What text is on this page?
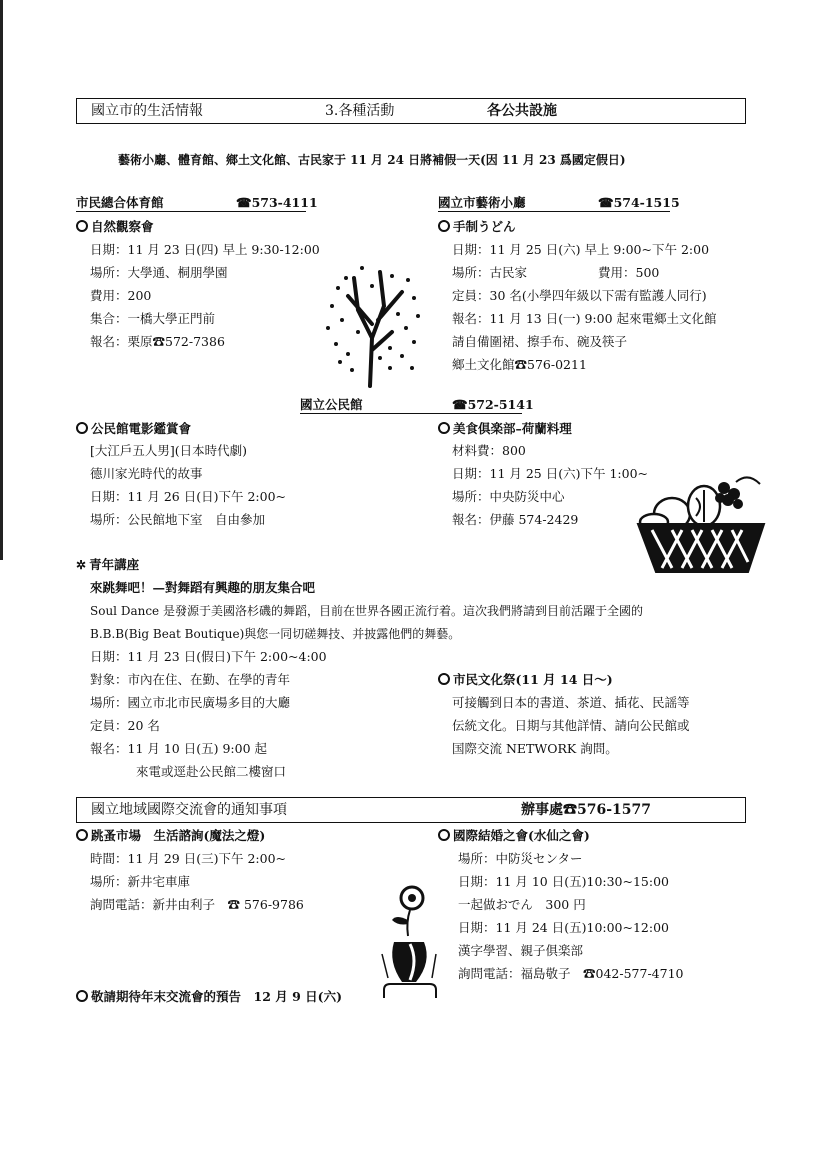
國立市的生活情報	3.各種活動	各公共設施
藝術小廳、體育館、鄉土文化館、古民家于 11 月 24 日將補假一天(因 11 月 23 爲國定假日)
市民總合体育館	☎573-4111
自然觀察會
日期：11 月 23 日(四) 早上 9:30-12:00
場所：大學通、桐朋學園
費用：200
集合：一橋大學正門前
報名：栗原☎572-7386
國立市藝術小廳	☎574-1515
手制うどん
日期：11 月 25 日(六) 早上 9:00~下午 2:00
場所：古民家	費用：500
定員：30 名(小學四年級以下需有監護人同行)
報名：11 月 13 日(一) 9:00 起來電鄉土文化館
請自備圍裙、擦手布、碗及筷子
鄉土文化館☎576-0211
國立公民館	☎572-5141
公民館電影鑑賞會
[大江戶五人男](日本時代劇)
德川家光時代的故事
日期：11 月 26 日(日)下午 2:00~
場所：公民館地下室　自由參加
美食俱楽部–荷蘭料理
材料費：800
日期：11 月 25 日(六)下午 1:00~
場所：中央防災中心
報名：伊藤 574-2429
✲ 青年講座
來跳舞吧！—對舞蹈有興趣的朋友集合吧
Soul Dance 是發源于美國洛杉磯的舞蹈，目前在世界各國正流行着。這次我們將請到目前活躍于全國的
B.B.B(Big Beat Boutique)與您一同切磋舞技、并披露他們的舞藝。
日期：11 月 23 日(假日)下午 2:00~4:00
對象：市內在住、在勤、在學的青年
場所：國立市北市民廣場多目的大廳
定員：20 名
報名：11 月 10 日(五) 9:00 起
來電或逕赴公民館二樓窗口
市民文化祭(11 月 14 日～)
可接觸到日本的書道、茶道、插花、民謡等
伝統文化。日期与其他詳情、請向公民館或
国際交流 NETWORK 詢問。
國立地域國際交流會的通知事項	辦事處☎576-1577
跳蚤市場　生活諮詢(魔法之燈)
時間：11 月 29 日(三)下午 2:00~
場所：新井宅車庫
詢問電話：新井由利子　☎ 576-9786
國際結婚之會(水仙之會)
場所：中防災センター
日期：11 月 10 日(五)10:30~15:00
一起做おでん　300 円
日期：11 月 24 日(五)10:00~12:00
漢字學習、親子俱楽部
詢問電話：福島敬子　☎042-577-4710
敬請期待年末交流會的預告　12 月 9 日(六)
